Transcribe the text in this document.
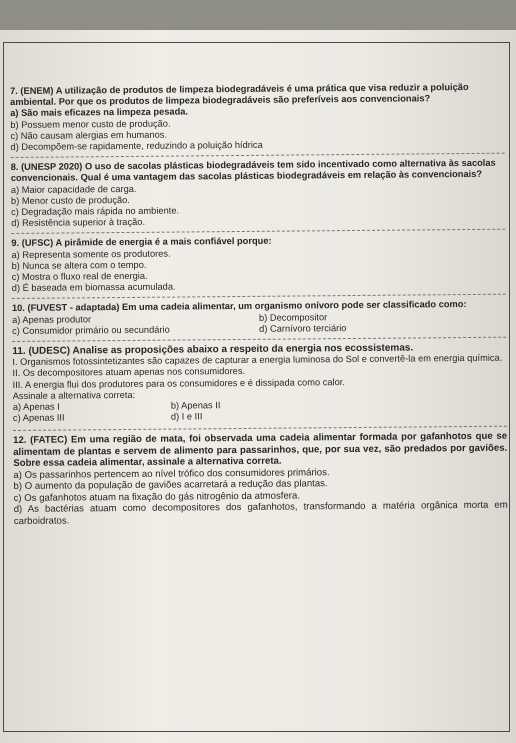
7. (ENEM) A utilização de produtos de limpeza biodegradáveis é uma prática que visa reduzir a poluição ambiental. Por que os produtos de limpeza biodegradáveis são preferíveis aos convencionais?
a) São mais eficazes na limpeza pesada.
b) Possuem menor custo de produção.
c) Não causam alergias em humanos.
d) Decompõem-se rapidamente, reduzindo a poluição hídrica
8. (UNESP 2020) O uso de sacolas plásticas biodegradáveis tem sido incentivado como alternativa às sacolas convencionais. Qual é uma vantagem das sacolas plásticas biodegradáveis em relação às convencionais?
a) Maior capacidade de carga.
b) Menor custo de produção.
c) Degradação mais rápida no ambiente.
d) Resistência superior à tração.
9. (UFSC) A pirâmide de energia é a mais confiável porque:
a) Representa somente os produtores.
b) Nunca se altera com o tempo.
c) Mostra o fluxo real de energia.
d) É baseada em biomassa acumulada.
10. (FUVEST - adaptada) Em uma cadeia alimentar, um organismo onívoro pode ser classificado como:
a) Apenas produtor	b) Decompositor
c) Consumidor primário ou secundário	d) Carnívoro terciário
11. (UDESC) Analise as proposições abaixo a respeito da energia nos ecossistemas.
I. Organismos fotossintetizantes são capazes de capturar a energia luminosa do Sol e convertê-la em energia química.
II. Os decompositores atuam apenas nos consumidores.
III. A energia flui dos produtores para os consumidores e é dissipada como calor.
Assinale a alternativa correta:
a) Apenas I	b) Apenas II
c) Apenas III	d) I e III
12. (FATEC) Em uma região de mata, foi observada uma cadeia alimentar formada por gafanhotos que se alimentam de plantas e servem de alimento para passarinhos, que, por sua vez, são predados por gaviões. Sobre essa cadeia alimentar, assinale a alternativa correta.
a) Os passarinhos pertencem ao nível trófico dos consumidores primários.
b) O aumento da população de gaviões acarretará a redução das plantas.
c) Os gafanhotos atuam na fixação do gás nitrogênio da atmosfera.
d) As bactérias atuam como decompositores dos gafanhotos, transformando a matéria orgânica morta em carboidratos.
